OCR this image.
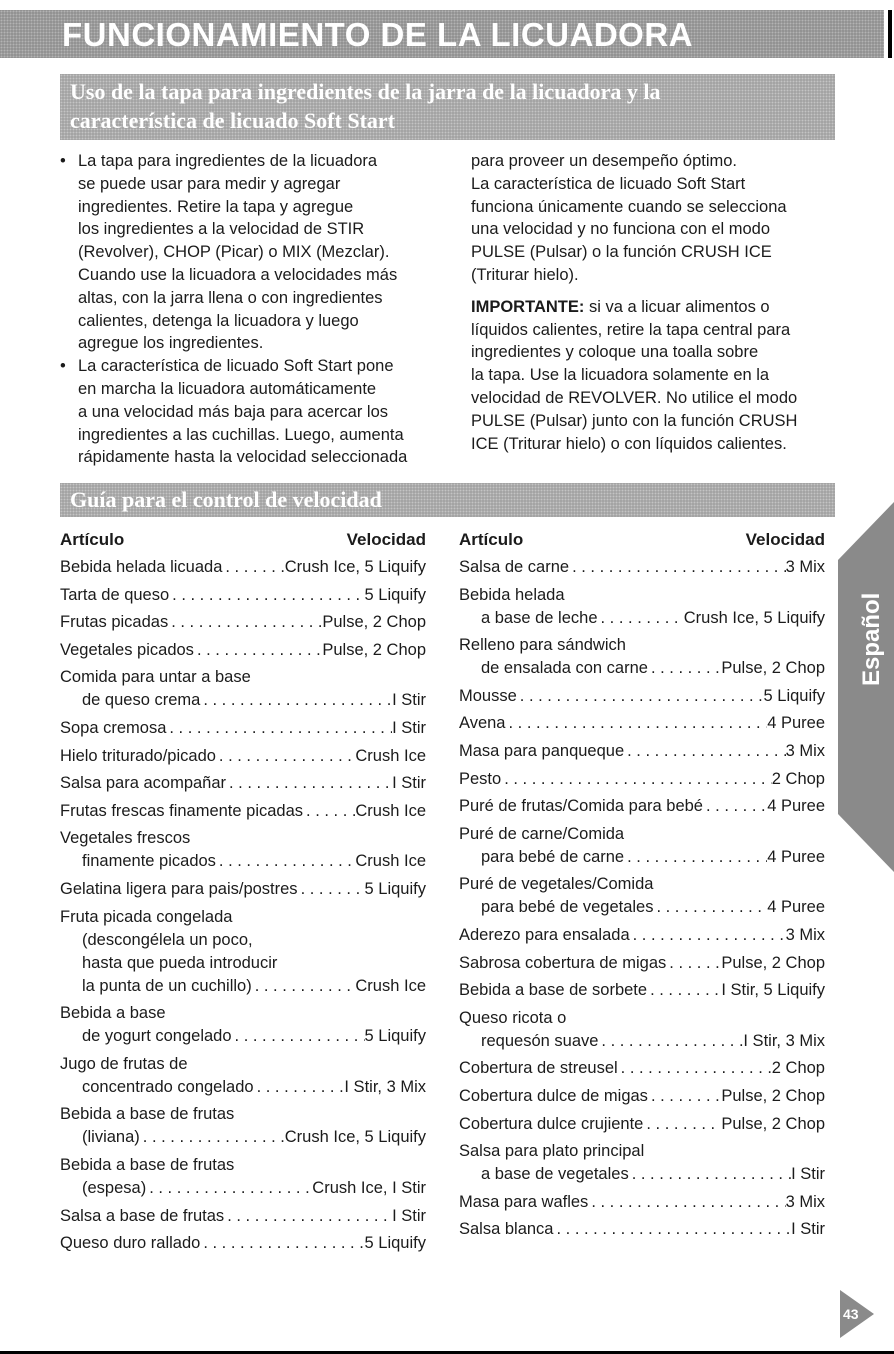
FUNCIONAMIENTO DE LA LICUADORA
Uso de la tapa para ingredientes de la jarra de la licuadora y la
característica de licuado Soft Start
• La tapa para ingredientes de la licuadora
se puede usar para medir y agregar
ingredientes. Retire la tapa y agregue
los ingredientes a la velocidad de STIR
(Revolver), CHOP (Picar) o MIX (Mezclar).
Cuando use la licuadora a velocidades más
altas, con la jarra llena o con ingredientes
calientes, detenga la licuadora y luego
agregue los ingredientes.
• La característica de licuado Soft Start pone
en marcha la licuadora automáticamente
a una velocidad más baja para acercar los
ingredientes a las cuchillas. Luego, aumenta
rápidamente hasta la velocidad seleccionada
para proveer un desempeño óptimo.
La característica de licuado Soft Start
funciona únicamente cuando se selecciona
una velocidad y no funciona con el modo
PULSE (Pulsar) o la función CRUSH ICE
(Triturar hielo).
IMPORTANTE: si va a licuar alimentos o
líquidos calientes, retire la tapa central para
ingredientes y coloque una toalla sobre
la tapa. Use la licuadora solamente en la
velocidad de REVOLVER. No utilice el modo
PULSE (Pulsar) junto con la función CRUSH
ICE (Triturar hielo) o con líquidos calientes.
Guía para el control de velocidad
Artículo	Velocidad
Bebida helada licuada . . .	Crush Ice, 5 Liquify
Tarta de queso . . .	5 Liquify
Frutas picadas . . .	Pulse, 2 Chop
Vegetales picados . . .	Pulse, 2 Chop
Comida para untar a base
de queso crema . . .	I Stir
Sopa cremosa . . .	I Stir
Hielo triturado/picado . . .	Crush Ice
Salsa para acompañar . . .	I Stir
Frutas frescas finamente picadas . . .	Crush Ice
Vegetales frescos
finamente picados . . .	Crush Ice
Gelatina ligera para pais/postres . . .	5 Liquify
Fruta picada congelada
(descongélela un poco,
hasta que pueda introducir
la punta de un cuchillo) . . .	Crush Ice
Bebida a base
de yogurt congelado . . .	5 Liquify
Jugo de frutas de
concentrado congelado . . .	I Stir, 3 Mix
Bebida a base de frutas
(liviana) . . .	Crush Ice, 5 Liquify
Bebida a base de frutas
(espesa) . . .	Crush Ice, I Stir
Salsa a base de frutas . . .	I Stir
Queso duro rallado . . .	5 Liquify
Artículo	Velocidad
Salsa de carne . . .	3 Mix
Bebida helada
a base de leche . . .	Crush Ice, 5 Liquify
Relleno para sándwich
de ensalada con carne . . .	Pulse, 2 Chop
Mousse . . .	5 Liquify
Avena . . .	4 Puree
Masa para panqueque . . .	3 Mix
Pesto . . .	2 Chop
Puré de frutas/Comida para bebé . . .	4 Puree
Puré de carne/Comida
para bebé de carne . . .	4 Puree
Puré de vegetales/Comida
para bebé de vegetales . . .	4 Puree
Aderezo para ensalada . . .	3 Mix
Sabrosa cobertura de migas . . .	Pulse, 2 Chop
Bebida a base de sorbete . . .	I Stir, 5 Liquify
Queso ricota o
requesón suave . . .	I Stir, 3 Mix
Cobertura de streusel . . .	2 Chop
Cobertura dulce de migas . . .	Pulse, 2 Chop
Cobertura dulce crujiente . . .	Pulse, 2 Chop
Salsa para plato principal
a base de vegetales . . .	I Stir
Masa para wafles . . .	3 Mix
Salsa blanca . . .	I Stir
Español
43
